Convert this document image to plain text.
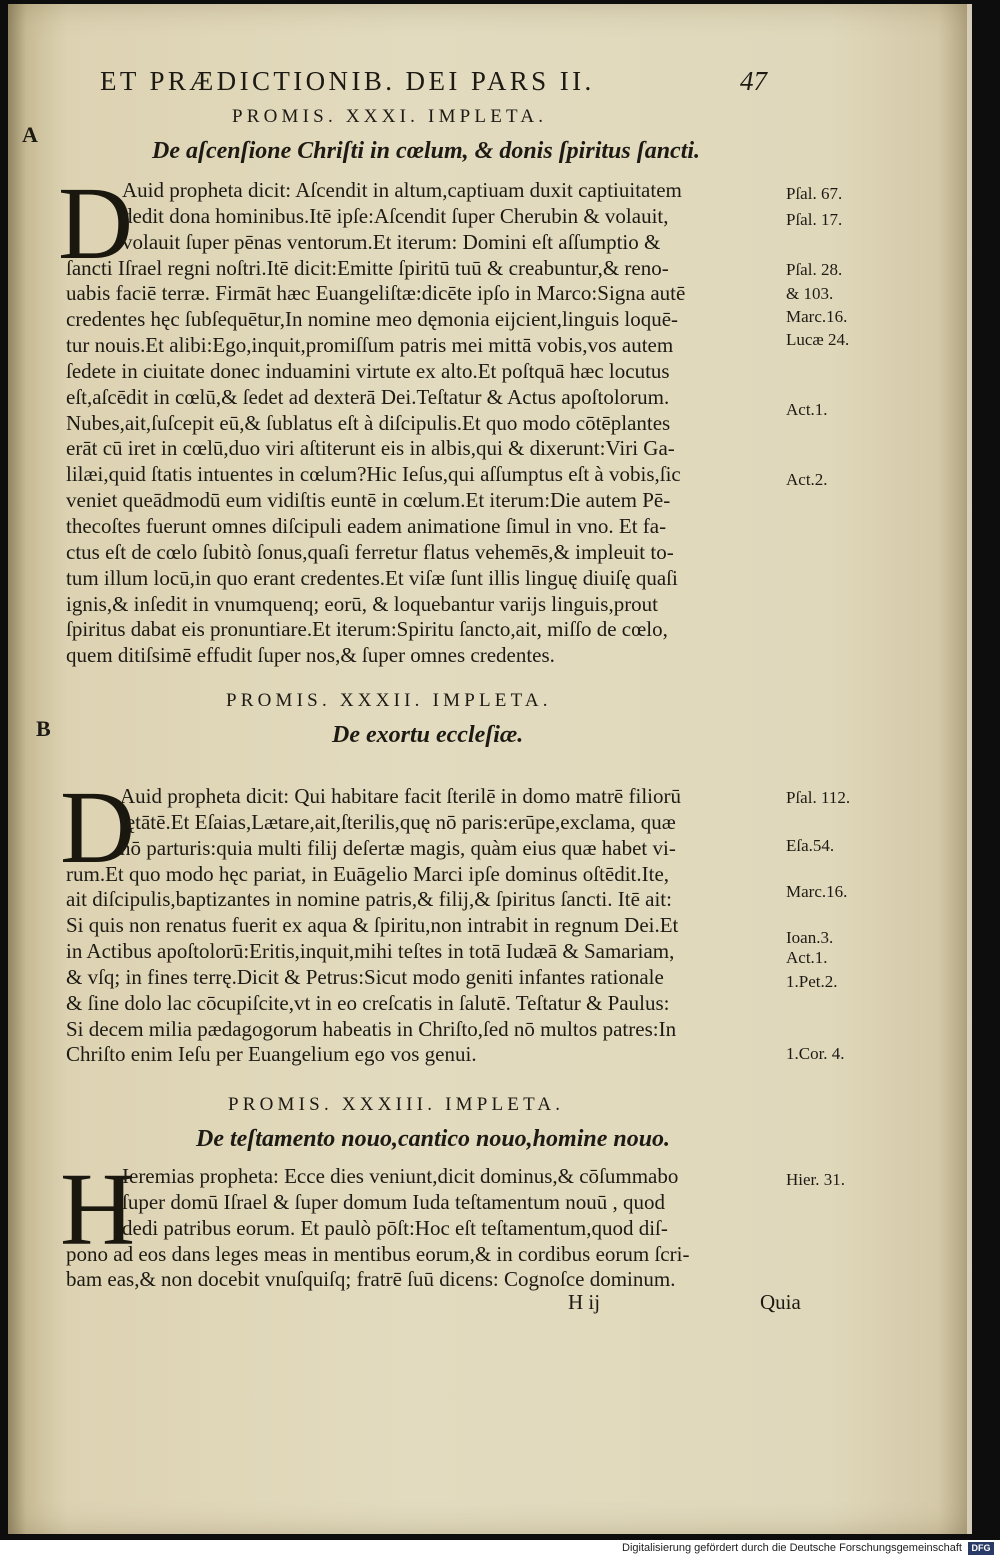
ET PRÆDICTIONIB. DEI PARS II.	47
A
B
PROMIS. XXXI. IMPLETA.
De aſcenſione Chriſti in cœlum, & donis ſpiritus ſancti.
D
Auid propheta dicit: Aſcendit in altum,captiuam duxit captiuitatem
dedit dona hominibus.Itē ipſe:Aſcendit ſuper Cherubin & volauit,
volauit ſuper pēnas ventorum.Et iterum: Domini eſt aſſumptio &
ſancti Iſrael regni noſtri.Itē dicit:Emitte ſpiritū tuū & creabuntur,& reno-
uabis faciē terræ. Firmāt hæc Euangeliſtæ:dicēte ipſo in Marco:Signa autē
credentes hęc ſubſequētur,In nomine meo dęmonia eijcient,linguis loquē-
tur nouis.Et alibi:Ego,inquit,promiſſum patris mei mittā vobis,vos autem
ſedete in ciuitate donec induamini virtute ex alto.Et poſtquā hæc locutus
eſt,aſcēdit in cœlū,& ſedet ad dexterā Dei.Teſtatur & Actus apoſtolorum.
Nubes,ait,ſuſcepit eū,& ſublatus eſt à diſcipulis.Et quo modo cōtēplantes
erāt cū iret in cœlū,duo viri aſtiterunt eis in albis,qui & dixerunt:Viri Ga-
lilæi,quid ſtatis intuentes in cœlum?Hic Ieſus,qui aſſumptus eſt à vobis,ſic
veniet queādmodū eum vidiſtis euntē in cœlum.Et iterum:Die autem Pē-
thecoſtes fuerunt omnes diſcipuli eadem animatione ſimul in vno. Et fa-
ctus eſt de cœlo ſubitò ſonus,quaſi ferretur flatus vehemēs,& impleuit to-
tum illum locū,in quo erant credentes.Et viſæ ſunt illis linguę diuiſę quaſi
ignis,& inſedit in vnumquenq; eorū, & loquebantur varijs linguis,prout
ſpiritus dabat eis pronuntiare.Et iterum:Spiritu ſancto,ait, miſſo de cœlo,
quem ditiſsimē effudit ſuper nos,& ſuper omnes credentes.
Pſal. 67.
Pſal. 17.
Pſal. 28.
& 103.
Marc.16.
Lucæ 24.
Act.1.
Act.2.
PROMIS. XXXII. IMPLETA.
De exortu eccleſiæ.
D
Auid propheta dicit: Qui habitare facit ſterilē in domo matrē filiorū
lętātē.Et Eſaias,Lætare,ait,ſterilis,quę nō paris:erūpe,exclama, quæ
nō parturis:quia multi filij deſertæ magis, quàm eius quæ habet vi-
rum.Et quo modo hęc pariat, in Euāgelio Marci ipſe dominus oſtēdit.Ite,
ait diſcipulis,baptizantes in nomine patris,& filij,& ſpiritus ſancti. Itē ait:
Si quis non renatus fuerit ex aqua & ſpiritu,non intrabit in regnum Dei.Et
in Actibus apoſtolorū:Eritis,inquit,mihi teſtes in totā Iudæā & Samariam,
& vſq; in fines terrę.Dicit & Petrus:Sicut modo geniti infantes rationale
& ſine dolo lac cōcupiſcite,vt in eo creſcatis in ſalutē. Teſtatur & Paulus:
Si decem milia pædagogorum habeatis in Chriſto,ſed nō multos patres:In
Chriſto enim Ieſu per Euangelium ego vos genui.
Pſal. 112.
Eſa.54.
Marc.16.
Ioan.3.
Act.1.
1.Pet.2.
1.Cor. 4.
PROMIS. XXXIII. IMPLETA.
De teſtamento nouo,cantico nouo,homine nouo.
H
Ieremias propheta: Ecce dies veniunt,dicit dominus,& cōſummabo
ſuper domū Iſrael & ſuper domum Iuda teſtamentum nouū , quod
dedi patribus eorum. Et paulò pōſt:Hoc eſt teſtamentum,quod diſ-
pono ad eos dans leges meas in mentibus eorum,& in cordibus eorum ſcri-
bam eas,& non docebit vnuſquiſq; fratrē ſuū dicens: Cognoſce dominum.
Hier. 31.
H ij	Quia
Digitalisierung gefördert durch die Deutsche Forschungsgemeinschaft	DFG
